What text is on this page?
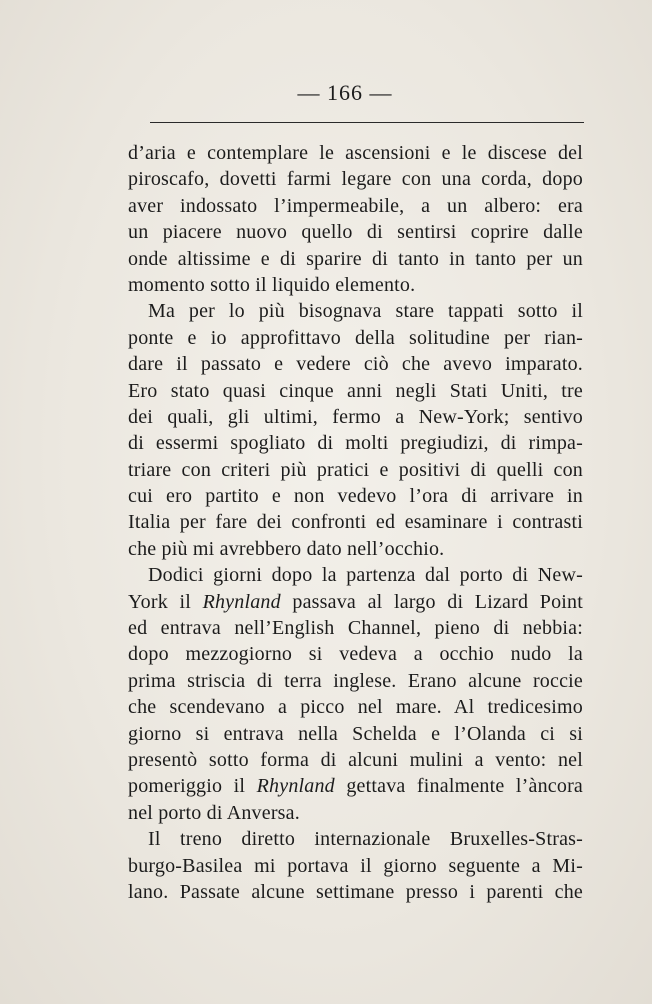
— 166 —
d’aria e contemplare le ascensioni e le discese del
piroscafo, dovetti farmi legare con una corda, dopo
aver indossato l’impermeabile, a un albero: era
un piacere nuovo quello di sentirsi coprire dalle
onde altissime e di sparire di tanto in tanto per un
momento sotto il liquido elemento.
Ma per lo più bisognava stare tappati sotto il
ponte e io approfittavo della solitudine per rian-
dare il passato e vedere ciò che avevo imparato.
Ero stato quasi cinque anni negli Stati Uniti, tre
dei quali, gli ultimi, fermo a New-York; sentivo
di essermi spogliato di molti pregiudizi, di rimpa-
triare con criteri più pratici e positivi di quelli con
cui ero partito e non vedevo l’ora di arrivare in
Italia per fare dei confronti ed esaminare i contrasti
che più mi avrebbero dato nell’occhio.
Dodici giorni dopo la partenza dal porto di New-
York il Rhynland passava al largo di Lizard Point
ed entrava nell’English Channel, pieno di nebbia:
dopo mezzogiorno si vedeva a occhio nudo la
prima striscia di terra inglese. Erano alcune roccie
che scendevano a picco nel mare. Al tredicesimo
giorno si entrava nella Schelda e l’Olanda ci si
presentò sotto forma di alcuni mulini a vento: nel
pomeriggio il Rhynland gettava finalmente l’àncora
nel porto di Anversa.
Il treno diretto internazionale Bruxelles-Stras-
burgo-Basilea mi portava il giorno seguente a Mi-
lano. Passate alcune settimane presso i parenti che
